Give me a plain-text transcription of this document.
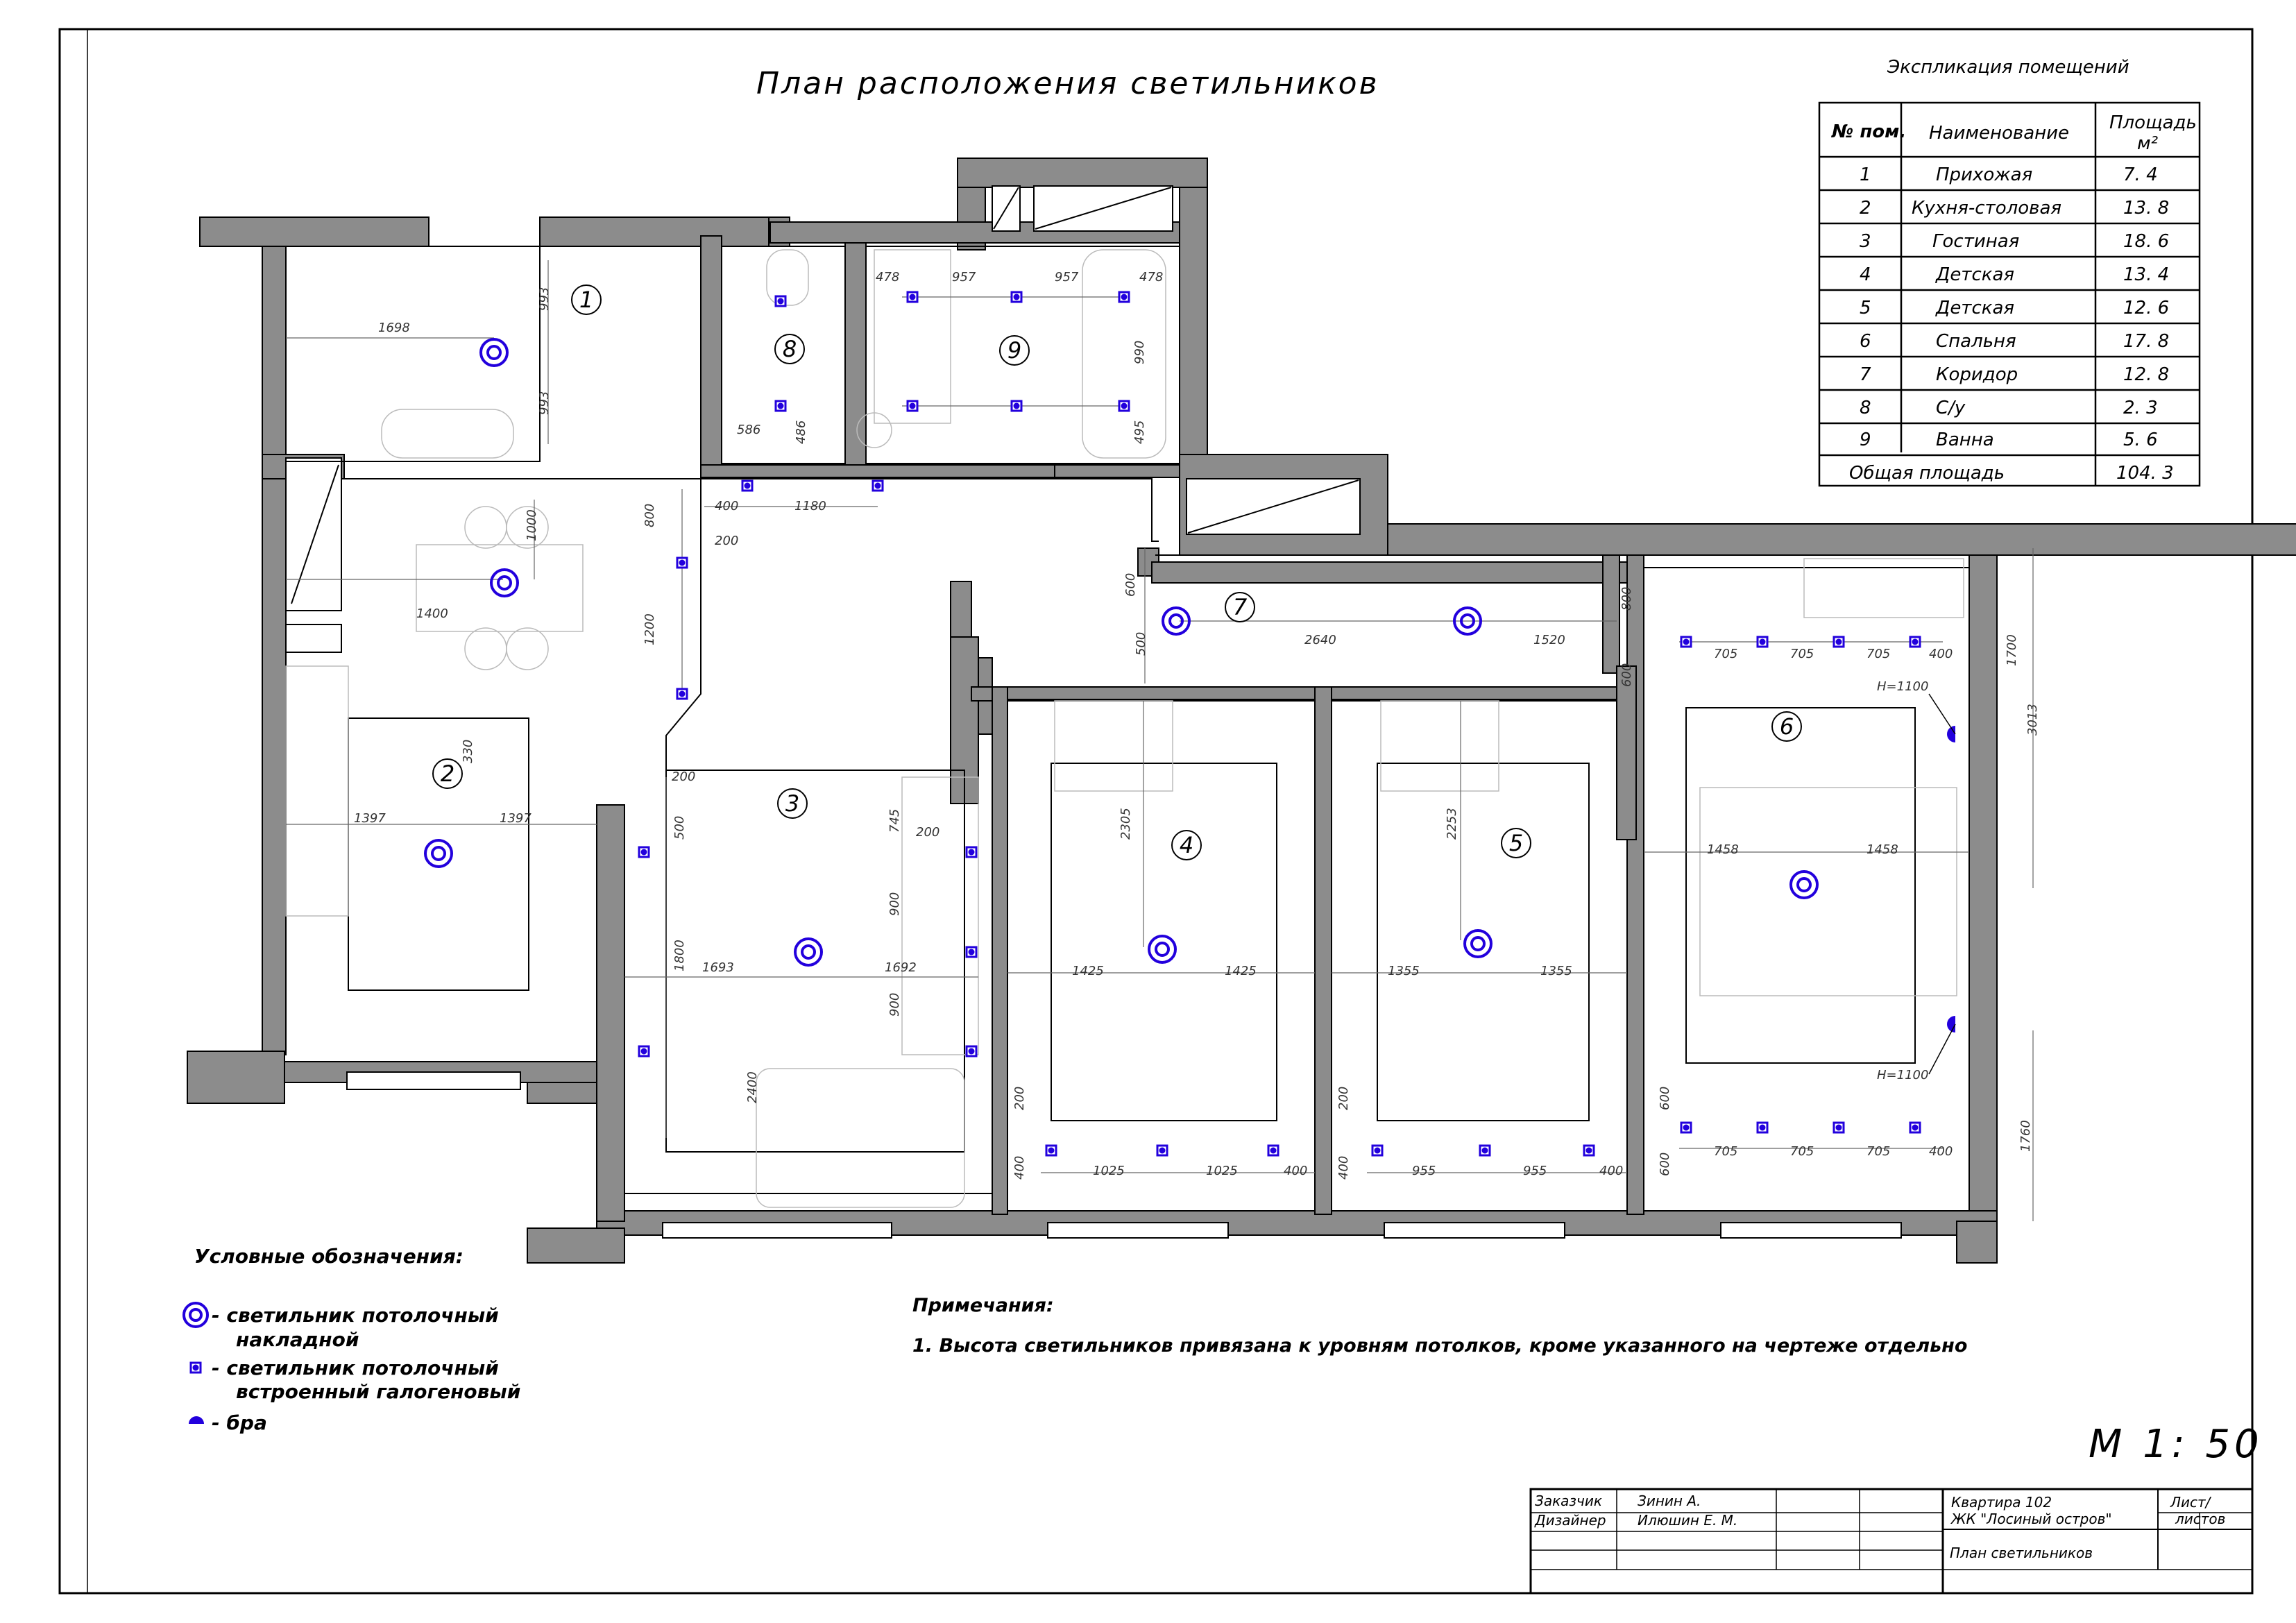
План расположения светильников
1698
993
993
478	957	957	478
990
495
586	486
400	1180
800
200
1200
1000
1400
600
500	2640	1520
800
705	705	705	400	1700
3013
600	H=1100
H=1100
1397	1397
330
200
500
1800 1693	1692
745 200
900
900
2400
2305
1425	1425
200
400	1025	1025	400
2253
1355	1355
200
400	955	955	400
1458	1458
600
600
705	705	705	400	1760
1
2
3
4	5
6
7
8	9
Экспликация помещений
№ пом. Наименование Площадь
м²
1	Прихожая	7. 4
2 Кухня-столовая	13. 8
3	Гостиная	18. 6
4	Детская	13. 4
5	Детская	12. 6
6	Спальня	17. 8
7	Коридор	12. 8
8	С/у	2. 3
9	Ванна	5. 6
Общая площадь	104. 3
Условные обозначения:
- светильник потолочный
накладной
- светильник потолочный
встроенный галогеновый
- бра
Примечания:
1. Высота светильников привязана к уровням потолков, кроме указанного на чертеже отдельно
М 1: 50
Заказчик	Зинин А.
Дизайнер Илюшин Е. М.
Квартира 102
ЖК "Лосиный остров"
Лист/
листов
План светильников
